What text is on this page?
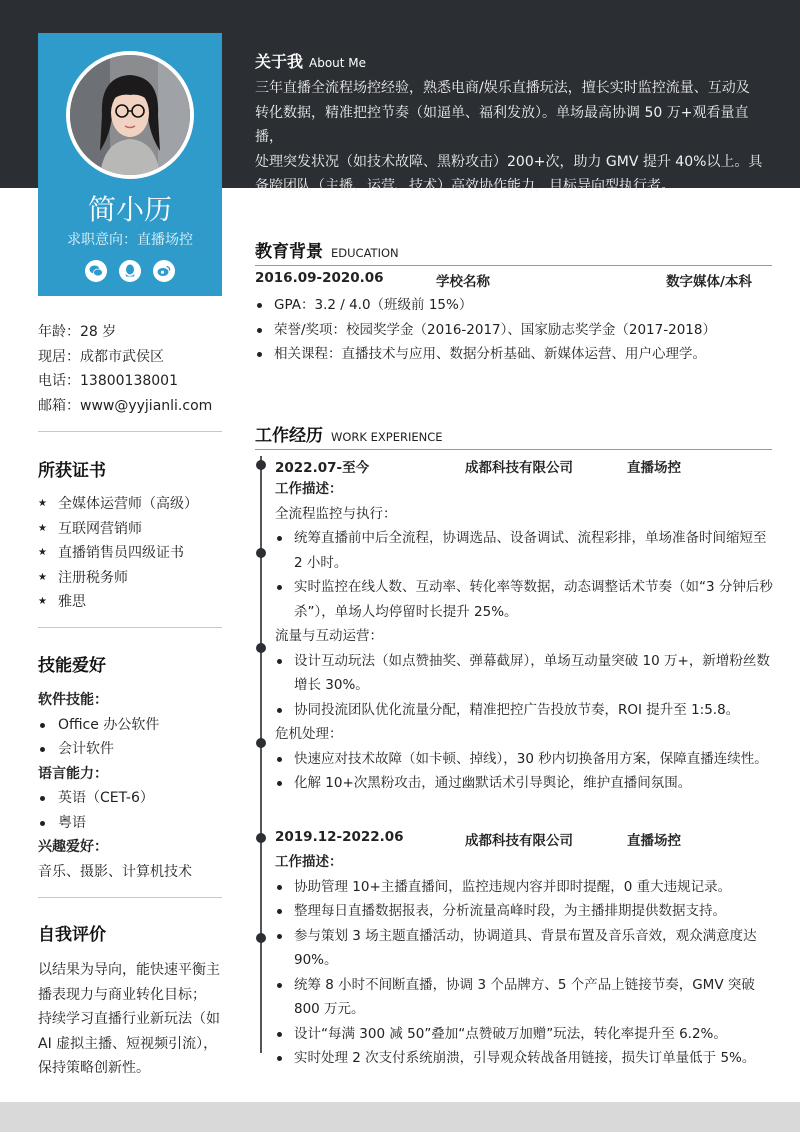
简小历
求职意向：直播场控
年龄：28 岁
现居：成都市武侯区
电话：13800138001
邮箱：www@yyjianli.com
所获证书
★ 全媒体运营师（高级）
★ 互联网营销师
★ 直播销售员四级证书
★ 注册税务师
★ 雅思
技能爱好
软件技能：
Office 办公软件
会计软件
语言能力：
英语（CET-6）
粤语
兴趣爱好：
音乐、摄影、计算机技术
自我评价
以结果为导向，能快速平衡主
播表现力与商业转化目标；
持续学习直播行业新玩法（如
AI 虚拟主播、短视频引流），
保持策略创新性。
关于我 About Me
三年直播全流程场控经验，熟悉电商/娱乐直播玩法，擅长实时监控流量、互动及
转化数据，精准把控节奏（如逼单、福利发放）。单场最高协调 50 万+观看量直播，
处理突发状况（如技术故障、黑粉攻击）200+次，助力 GMV 提升 40%以上。具
备跨团队（主播、运营、技术）高效协作能力，目标导向型执行者。
教育背景 EDUCATION
2016.09-2020.06	学校名称	数字媒体/本科
GPA：3.2 / 4.0（班级前 15%）
荣誉/奖项：校园奖学金（2016-2017）、国家励志奖学金（2017-2018）
相关课程：直播技术与应用、数据分析基础、新媒体运营、用户心理学。
工作经历 WORK EXPERIENCE
2022.07-至今	成都科技有限公司	直播场控
工作描述：
全流程监控与执行：
统筹直播前中后全流程，协调选品、设备调试、流程彩排，单场准备时间缩短至 2 小时。
实时监控在线人数、互动率、转化率等数据，动态调整话术节奏（如“3 分钟后秒杀”），单场人均停留时长提升 25%。
流量与互动运营：
设计互动玩法（如点赞抽奖、弹幕截屏），单场互动量突破 10 万+，新增粉丝数增长 30%。
协同投流团队优化流量分配，精准把控广告投放节奏，ROI 提升至 1:5.8。
危机处理：
快速应对技术故障（如卡顿、掉线），30 秒内切换备用方案，保障直播连续性。
化解 10+次黑粉攻击，通过幽默话术引导舆论，维护直播间氛围。
2019.12-2022.06	成都科技有限公司	直播场控
工作描述：
协助管理 10+主播直播间，监控违规内容并即时提醒，0 重大违规记录。
整理每日直播数据报表，分析流量高峰时段，为主播排期提供数据支持。
参与策划 3 场主题直播活动，协调道具、背景布置及音乐音效，观众满意度达 90%。
统筹 8 小时不间断直播，协调 3 个品牌方、5 个产品上链接节奏，GMV 突破 800 万元。
设计“每满 300 减 50”叠加“点赞破万加赠”玩法，转化率提升至 6.2%。
实时处理 2 次支付系统崩溃，引导观众转战备用链接，损失订单量低于 5%。
